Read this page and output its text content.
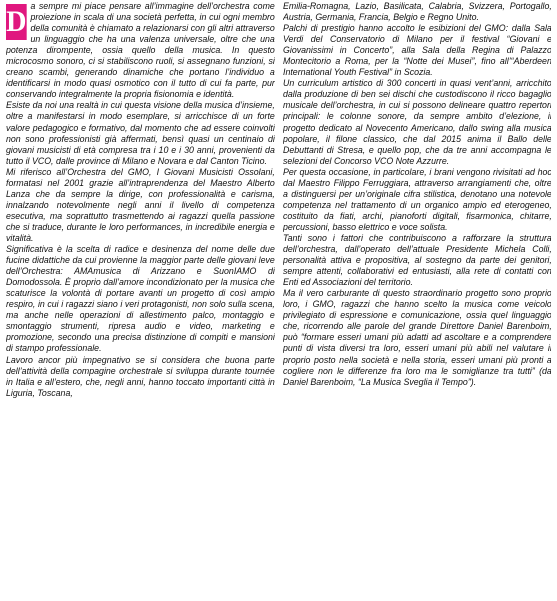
D a sempre mi piace pensare all’immagine dell’orchestra come proiezione in scala di una società perfetta, in cui ogni membro della comunità è chiamato a relazionarsi con gli altri attraverso un linguaggio che ha una valenza universale, oltre che una potenza dirompente, ossia quello della musica. In questo microcosmo sonoro, ci si stabiliscono ruoli, si assegnano funzioni, si creano scambi, generando dinamiche che portano l’individuo a identificarsi in modo quasi osmotico con il tutto di cui fa parte, pur conservando integralmente la propria fisionomia e identità.

Esiste da noi una realtà in cui questa visione della musica d’insieme, oltre a manifestarsi in modo esemplare, si arricchisce di un forte valore pedagogico e formativo, dal momento che ad essere coinvolti non sono professionisti già affermati, bensì quasi un centinaio di giovani musicisti di età compresa tra i 10 e i 30 anni, provenienti da tutto il VCO, dalle province di Milano e Novara e dal Canton Ticino.

Mi riferisco all’Orchestra del GMO, I Giovani Musicisti Ossolani, formatasi nel 2001 grazie all’intraprendenza del Maestro Alberto Lanza che da sempre la dirige, con professionalità e carisma, innalzando notevolmente negli anni il livello di competenza esecutiva, ma soprattutto trasmettendo ai ragazzi quella passione che si traduce, durante le loro performances, in incredibile energia e vitalità.

Significativa è la scelta di radice e desinenza del nome delle due fucine didattiche da cui provienne la maggior parte delle giovani leve dell’Orchestra: AMAmusica di Arizzano e SuonIAMO di Domodossola. È proprio dall’amore incondizionato per la musica che scaturisce la volontà di portare avanti un progetto di così ampio respiro, in cui i ragazzi siano i veri protagonisti, non solo sulla scena, ma anche nelle operazioni di allestimento palco, montaggio e smontaggio strumenti, ripresa audio e video, marketing e promozione, secondo una precisa distinzione di compiti e mansioni di stampo professionale.

Lavoro ancor più impegnativo se si considera che buona parte dell’attività della compagine orchestrale si sviluppa durante tournée in Italia e all’estero, che, negli anni, hanno toccato importanti città in Liguria, Toscana,

Emilia-Romagna, Lazio, Basilicata, Calabria, Svizzera, Portogallo, Austria, Germania, Francia, Belgio e Regno Unito.

Palchi di prestigio hanno accolto le esibizioni del GMO: dalla Sala Verdi del Conservatorio di Milano per il festival “Giovani e Giovanissimi in Concerto”, alla Sala della Regina di Palazzo Montecitorio a Roma, per la “Notte dei Musei”, fino all’“Aberdeen International Youth Festival” in Scozia.

Un curriculum artistico di 300 concerti in quasi vent’anni, arricchito dalla produzione di ben sei dischi che custodiscono il ricco bagaglio musicale dell’orchestra, in cui si possono delineare quattro repertori principali: le colonne sonore, da sempre ambito d’elezione, il progetto dedicato al Novecento Americano, dallo swing alla musica popolare, il filone classico, che dal 2015 anima il Ballo delle Debuttanti di Stresa, e quello pop, che da tre anni accompagna le selezioni del Concorso VCO Note Azzurre.

Per questa occasione, in particolare, i brani vengono rivisitati ad hoc dal Maestro Filippo Ferruggiara, attraverso arrangiamenti che, oltre a distinguersi per un’originale cifra stilistica, denotano una notevole competenza nel trattamento di un organico ampio ed eterogeneo, costituito da fiati, archi, pianoforti digitali, fisarmonica, chitarre, percussioni, basso elettrico e voce solista.

Tanti sono i fattori che contribuiscono a rafforzare la struttura dell’orchestra, dall’operato dell’attuale Presidente Michela Colli, personalità attiva e propositiva, al sostegno da parte dei genitori, sempre attenti, collaborativi ed entusiasti, alla rete di contatti con Enti ed Associazioni del territorio.

Ma il vero carburante di questo straordinario progetto sono proprio loro, i GMO, ragazzi che hanno scelto la musica come veicolo privilegiato di espressione e comunicazione, ossia quel linguaggio che, ricorrendo alle parole del grande Direttore Daniel Barenboim, può “formare esseri umani più adatti ad ascoltare e a comprendere punti di vista diversi tra loro, esseri umani più abili nel valutare il proprio posto nella società e nella storia, esseri umani più pronti a cogliere non le differenze fra loro ma le somiglianze tra tutti” (da Daniel Barenboim, “La Musica Sveglia il Tempo”).
